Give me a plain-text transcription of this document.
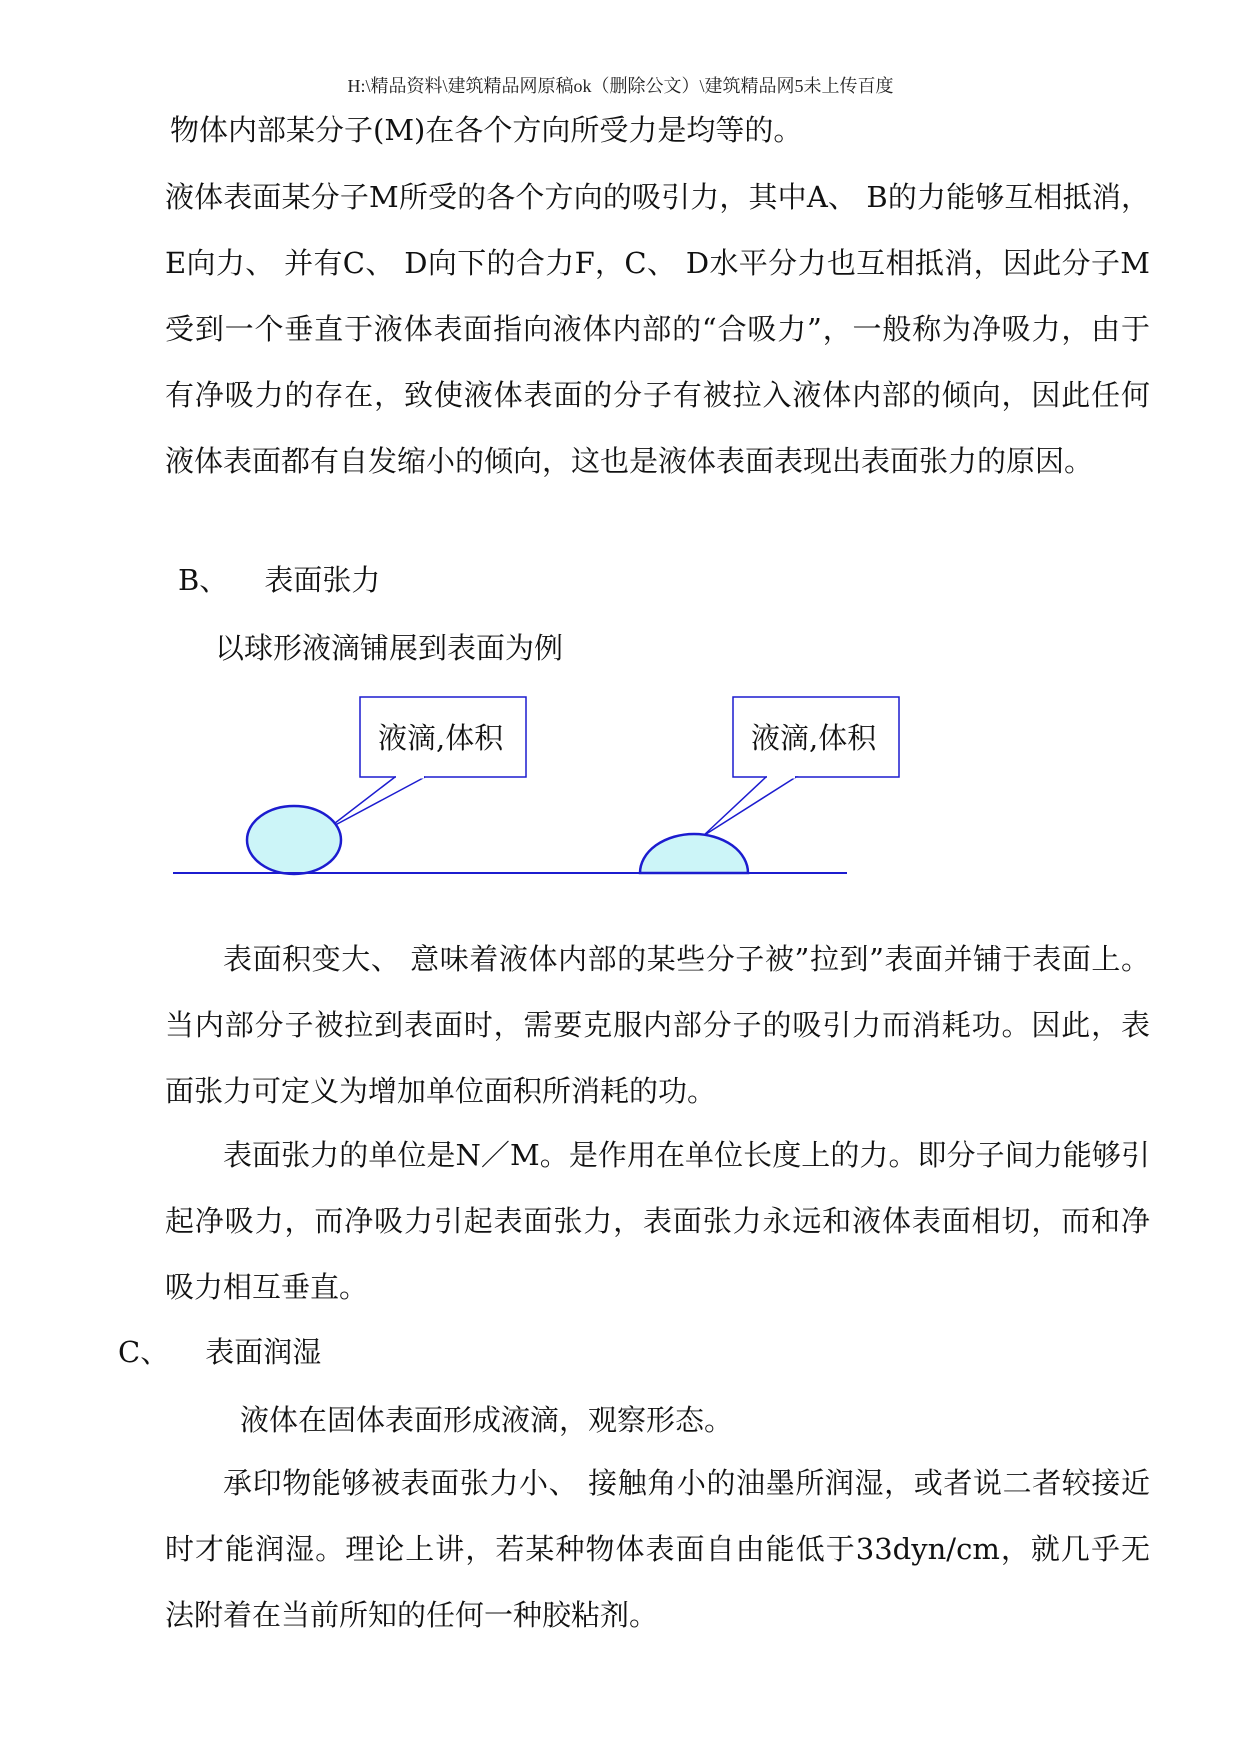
H:\精品资料\建筑精品网原稿ok（删除公文）\建筑精品网5未上传百度
物体内部某分子(M)在各个方向所受力是均等的。
液体表面某分子M所受的各个方向的吸引力，其中A、 B的力能够互相抵消，E向力、 并有C、 D向下的合力F，C、 D水平分力也互相抵消，因此分子M受到一个垂直于液体表面指向液体内部的“合吸力”，一般称为净吸力，由于有净吸力的存在，致使液体表面的分子有被拉入液体内部的倾向，因此任何液体表面都有自发缩小的倾向，这也是液体表面表现出表面张力的原因。
B、 表面张力
以球形液滴铺展到表面为例
液滴,体积	液滴,体积
表面积变大、 意味着液体内部的某些分子被”拉到”表面并铺于表面上。当内部分子被拉到表面时，需要克服内部分子的吸引力而消耗功。因此，表面张力可定义为增加单位面积所消耗的功。
表面张力的单位是N／M。是作用在单位长度上的力。即分子间力能够引起净吸力，而净吸力引起表面张力，表面张力永远和液体表面相切，而和净吸力相互垂直。
C、 表面润湿
液体在固体表面形成液滴，观察形态。
承印物能够被表面张力小、 接触角小的油墨所润湿，或者说二者较接近时才能润湿。理论上讲，若某种物体表面自由能低于33dyn/cm，就几乎无法附着在当前所知的任何一种胶粘剂。
